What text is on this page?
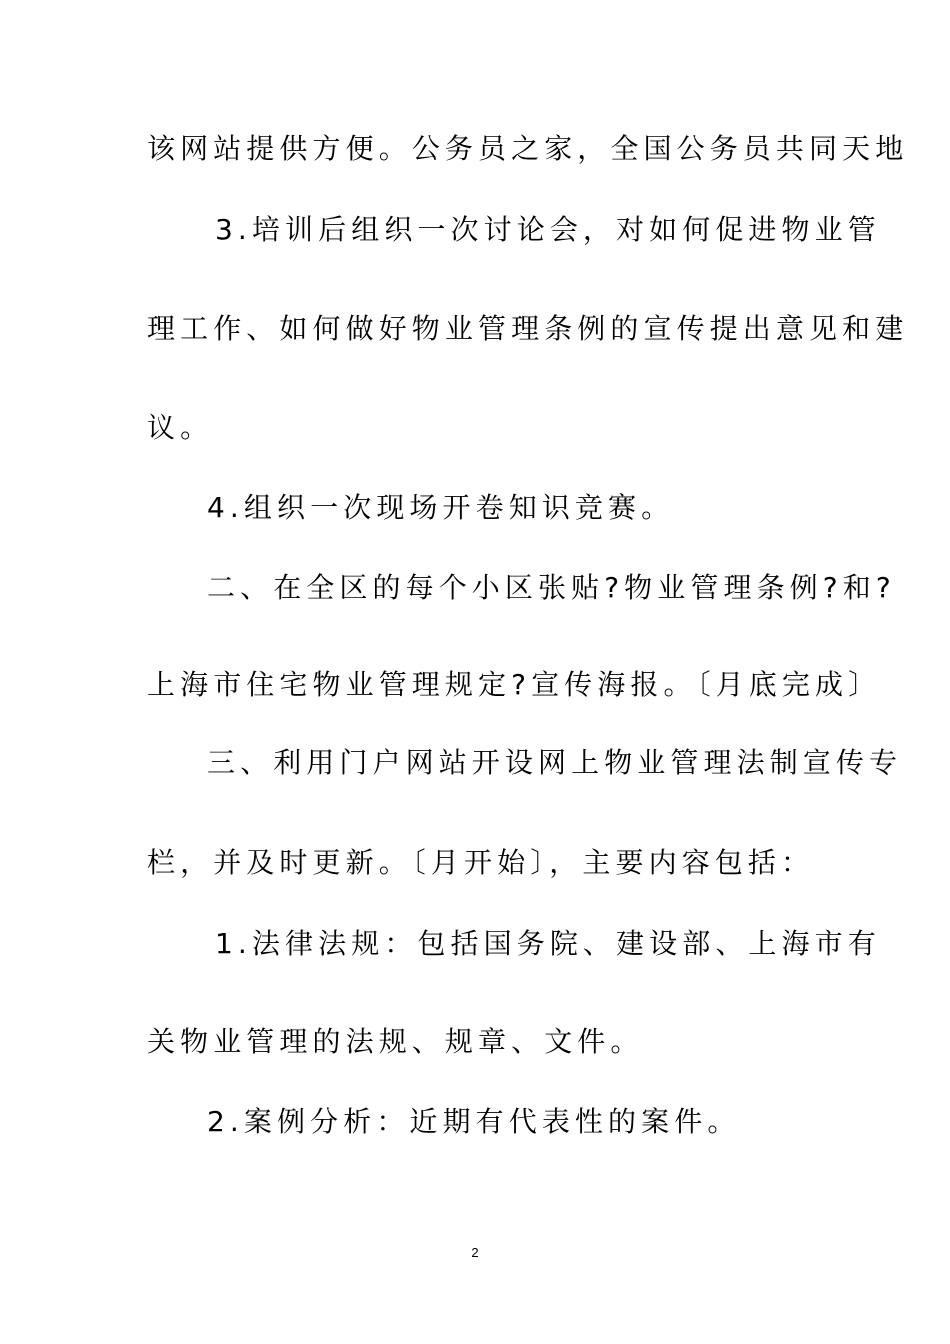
该网站提供方便。公务员之家，全国公务员共同天地
3.培训后组织一次讨论会，对如何促进物业管
理工作、如何做好物业管理条例的宣传提出意见和建
议。
4.组织一次现场开卷知识竞赛。
二、在全区的每个小区张贴?物业管理条例?和?
上海市住宅物业管理规定?宣传海报。〔月底完成〕
三、利用门户网站开设网上物业管理法制宣传专
栏，并及时更新。〔月开始〕，主要内容包括：
1.法律法规：包括国务院、建设部、上海市有
关物业管理的法规、规章、文件。
2.案例分析：近期有代表性的案件。
2
